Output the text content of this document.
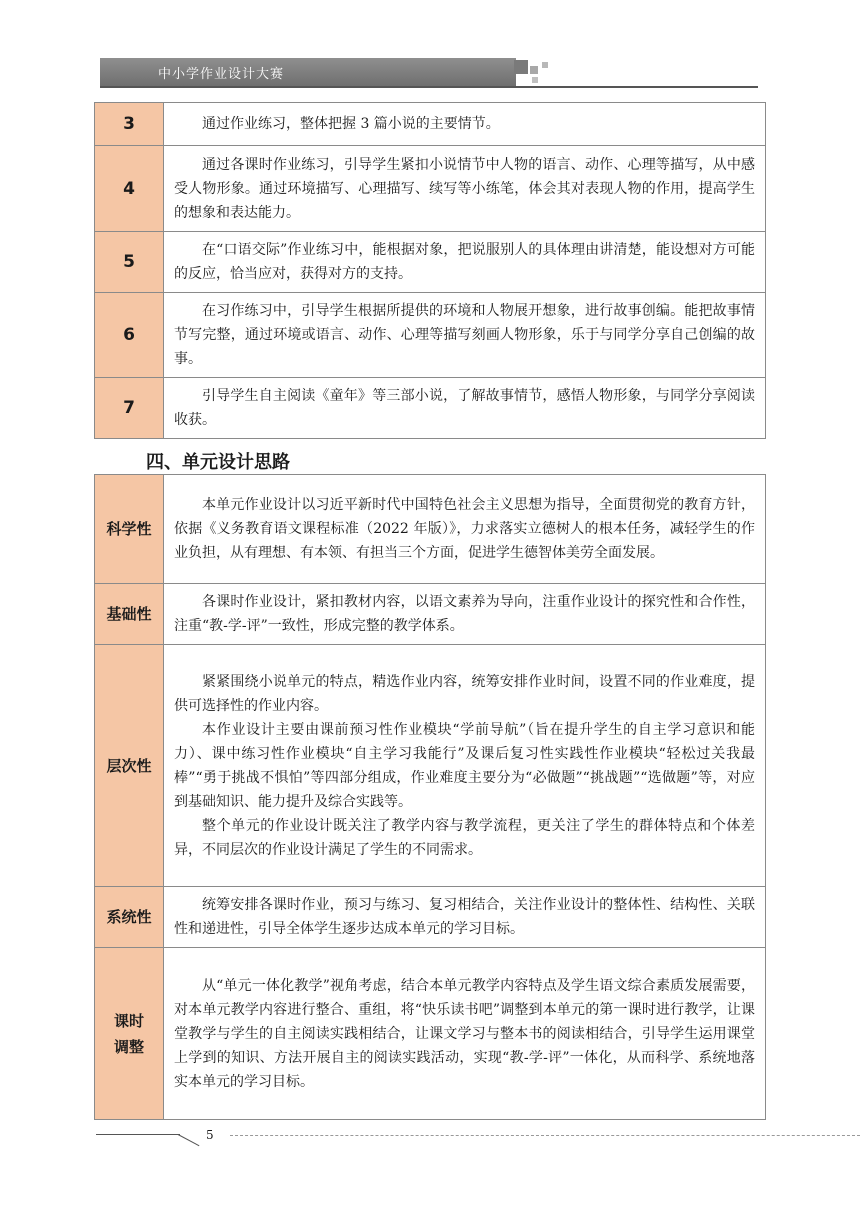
中小学作业设计大赛
3	通过作业练习，整体把握 3 篇小说的主要情节。

4	通过各课时作业练习，引导学生紧扣小说情节中人物的语言、动作、心理等描写，从中感受人物形象。通过环境描写、心理描写、续写等小练笔，体会其对表现人物的作用，提高学生的想象和表达能力。

5	在“口语交际”作业练习中，能根据对象，把说服别人的具体理由讲清楚，能设想对方可能的反应，恰当应对，获得对方的支持。

6	在习作练习中，引导学生根据所提供的环境和人物展开想象，进行故事创编。能把故事情节写完整，通过环境或语言、动作、心理等描写刻画人物形象，乐于与同学分享自己创编的故事。

7	引导学生自主阅读《童年》等三部小说，了解故事情节，感悟人物形象，与同学分享阅读收获。

四、单元设计思路
科学性	本单元作业设计以习近平新时代中国特色社会主义思想为指导，全面贯彻党的教育方针，依据《义务教育语文课程标准（2022 年版）》，力求落实立德树人的根本任务，减轻学生的作业负担，从有理想、有本领、有担当三个方面，促进学生德智体美劳全面发展。

基础性	各课时作业设计，紧扣教材内容，以语文素养为导向，注重作业设计的探究性和合作性，注重“教-学-评”一致性，形成完整的教学体系。

层次性	紧紧围绕小说单元的特点，精选作业内容，统筹安排作业时间，设置不同的作业难度，提供可选择性的作业内容。

本作业设计主要由课前预习性作业模块“学前导航”（旨在提升学生的自主学习意识和能力）、课中练习性作业模块“自主学习我能行”及课后复习性实践性作业模块“轻松过关我最棒”“勇于挑战不惧怕”等四部分组成，作业难度主要分为“必做题”“挑战题”“选做题”等，对应到基础知识、能力提升及综合实践等。

整个单元的作业设计既关注了教学内容与教学流程，更关注了学生的群体特点和个体差异，不同层次的作业设计满足了学生的不同需求。

系统性	统筹安排各课时作业，预习与练习、复习相结合，关注作业设计的整体性、结构性、关联性和递进性，引导全体学生逐步达成本单元的学习目标。

课时
调整	从“单元一体化教学”视角考虑，结合本单元教学内容特点及学生语文综合素质发展需要，对本单元教学内容进行整合、重组，将“快乐读书吧”调整到本单元的第一课时进行教学，让课堂教学与学生的自主阅读实践相结合，让课文学习与整本书的阅读相结合，引导学生运用课堂上学到的知识、方法开展自主的阅读实践活动，实现“教-学-评”一体化，从而科学、系统地落实本单元的学习目标。

5
